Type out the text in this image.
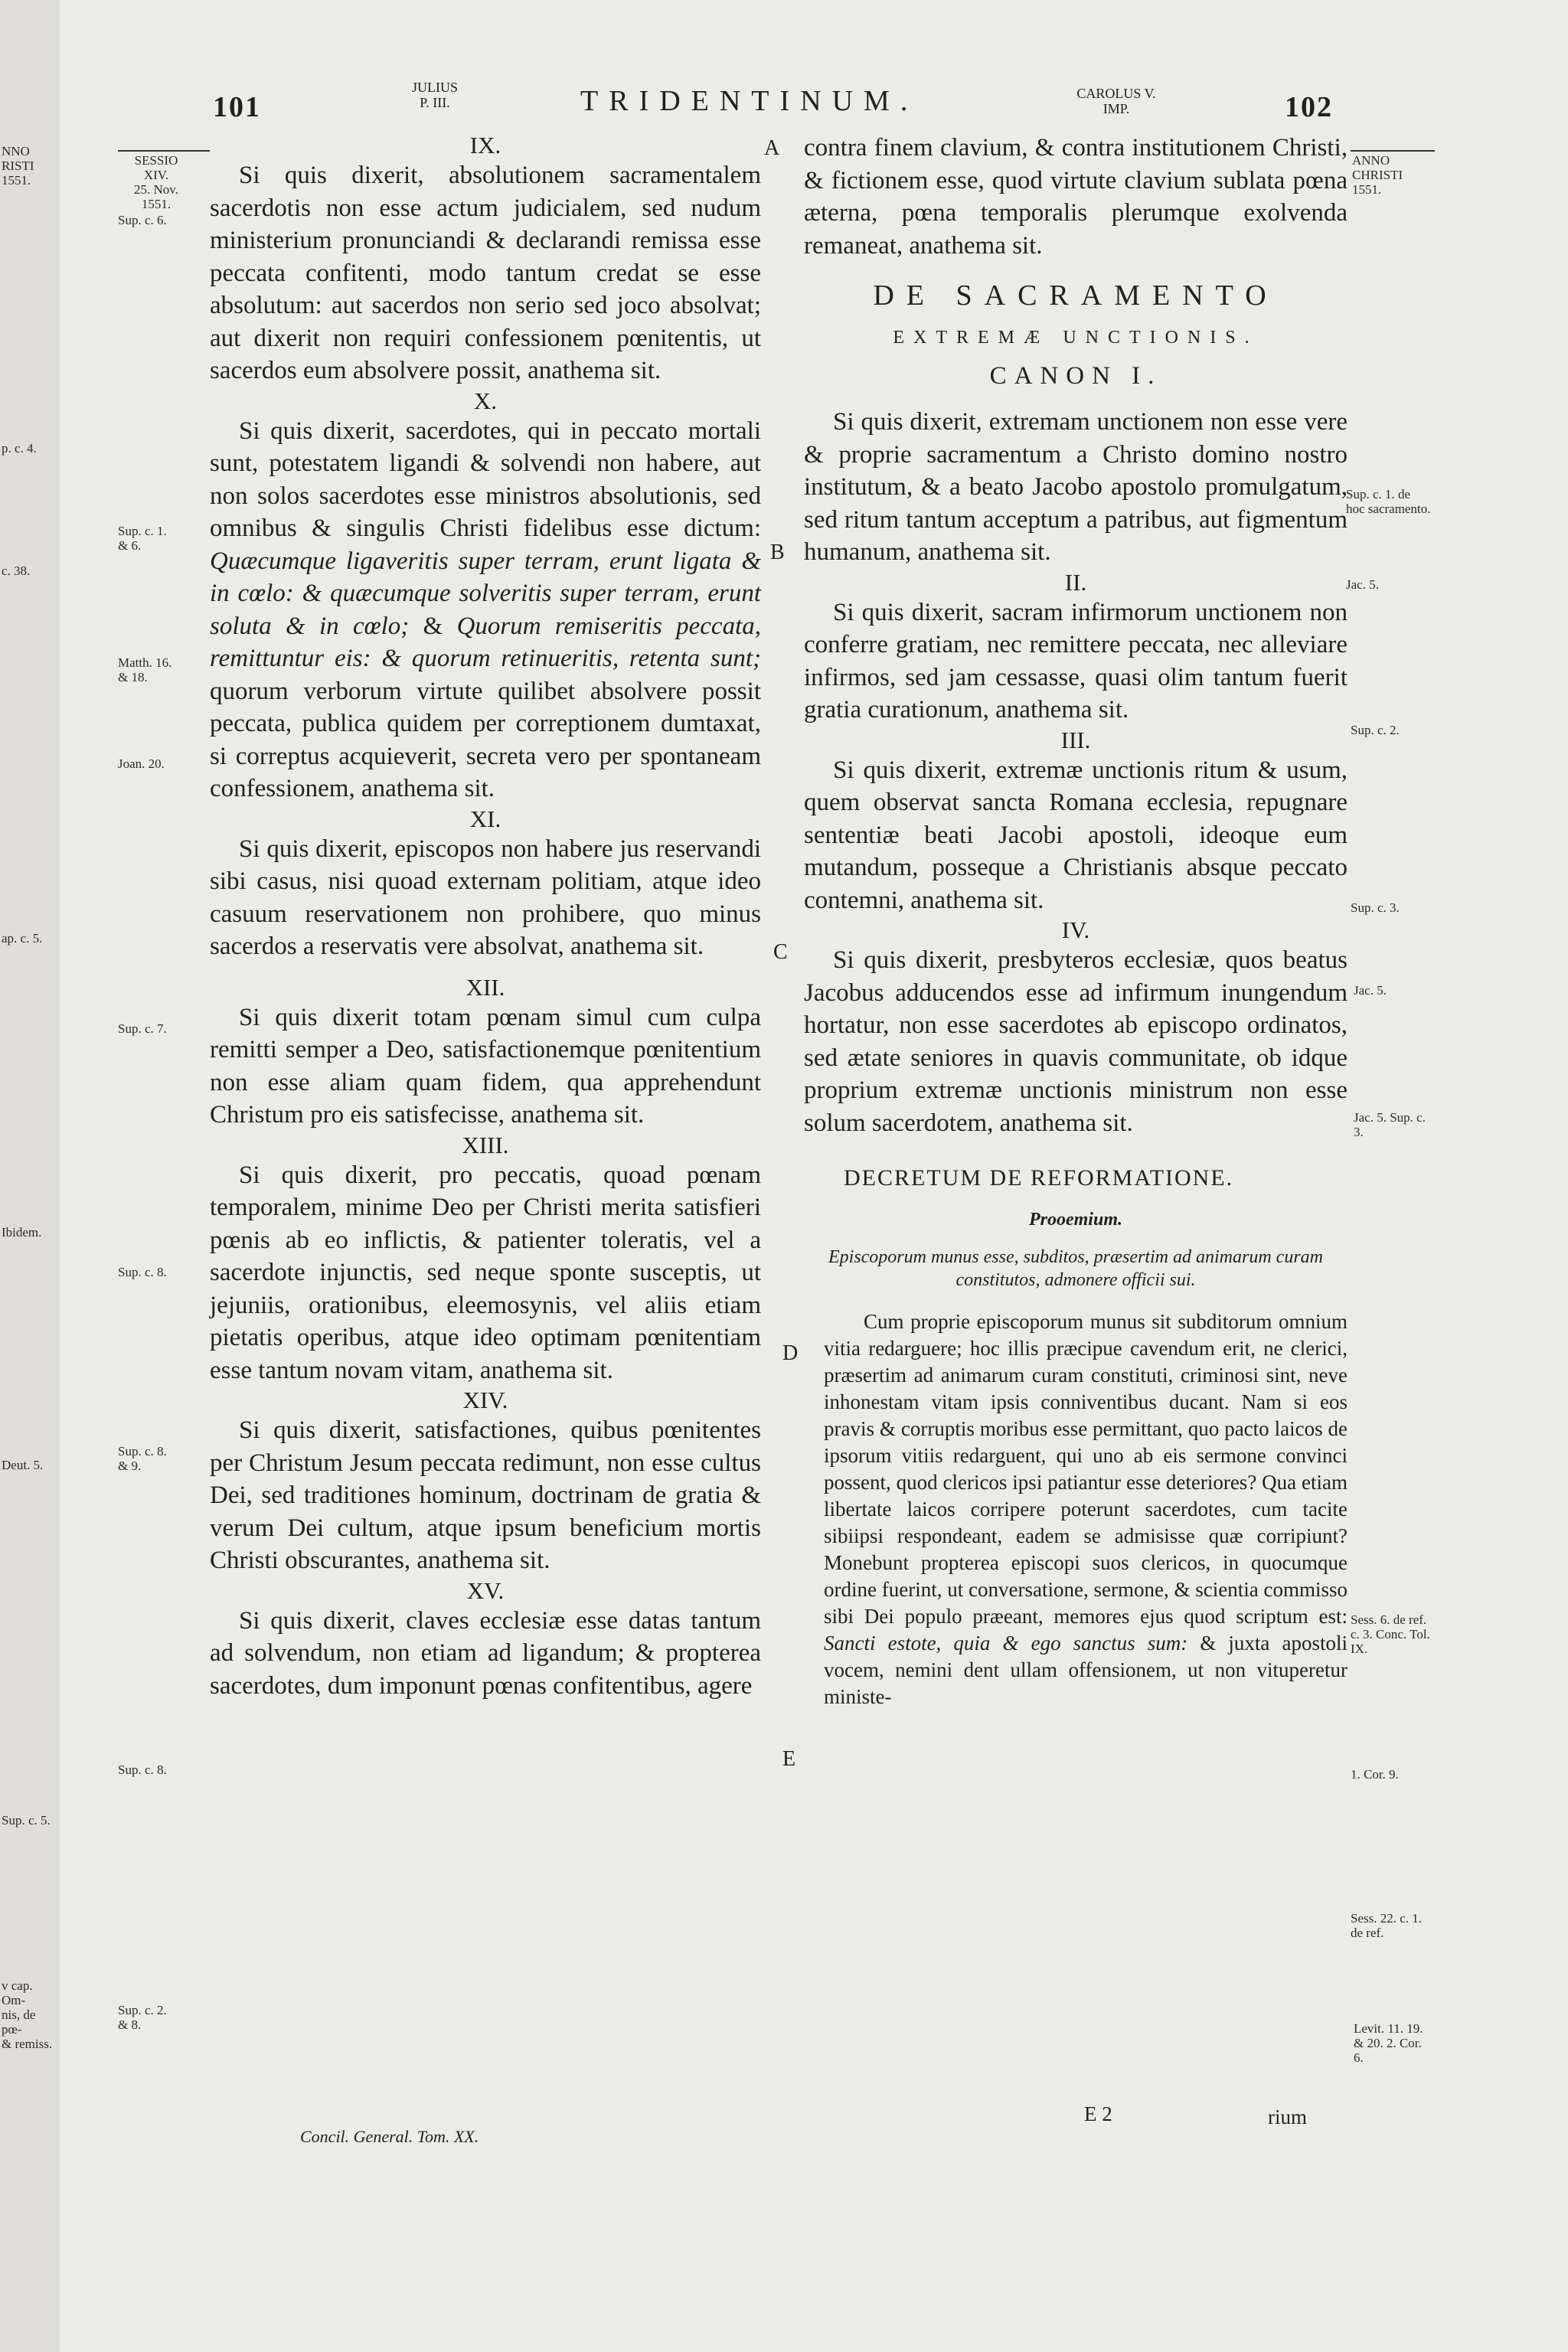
NNO RISTI 1551.
p. c. 4.
c. 38.
ap. c. 5.
Ibidem.
Deut. 5.
Sup. c. 5.
v cap. Om-
nis, de pœ-
& remiss.
101
JULIUS
P. III.	TRIDENTINUM.	CAROLUS V.
IMP.	102
SESSIO
XIV.
25. Nov.
1551.
ANNO
CHRISTI
1551.
A
B
C
D
E
Sup. c. 6.
Sup. c. 1. & 6.
Matth. 16. & 18.
Joan. 20.
Sup. c. 7.
Sup. c. 8.
Sup. c. 8. & 9.
Sup. c. 8.
Sup. c. 2. & 8.

IX.

Si quis dixerit, absolutionem sacramentalem sacerdotis non esse actum judicialem, sed nudum ministerium pronunciandi & declarandi remissa esse peccata confitenti, modo tantum credat se esse absolutum: aut sacerdos non serio sed joco absolvat; aut dixerit non requiri confessionem pœnitentis, ut sacerdos eum absolvere possit, anathema sit.

X.

Si quis dixerit, sacerdotes, qui in peccato mortali sunt, potestatem ligandi & solvendi non habere, aut non solos sacerdotes esse ministros absolutionis, sed omnibus & singulis Christi fidelibus esse dictum: Quæcumque ligaveritis super terram, erunt ligata & in cœlo: & quæcumque solveritis super terram, erunt soluta & in cœlo; & Quorum remiseritis peccata, remittuntur eis: & quorum retinueritis, retenta sunt; quorum verborum virtute quilibet absolvere possit peccata, publica quidem per correptionem dumtaxat, si correptus acquieverit, secreta vero per spontaneam confessionem, anathema sit.

XI.

Si quis dixerit, episcopos non habere jus reservandi sibi casus, nisi quoad externam politiam, atque ideo casuum reservationem non prohibere, quo minus sacerdos a reservatis vere absolvat, anathema sit.

XII.

Si quis dixerit totam pœnam simul cum culpa remitti semper a Deo, satisfactionemque pœnitentium non esse aliam quam fidem, qua apprehendunt Christum pro eis satisfecisse, anathema sit.

XIII.

Si quis dixerit, pro peccatis, quoad pœnam temporalem, minime Deo per Christi merita satisfieri pœnis ab eo inflictis, & patienter toleratis, vel a sacerdote injunctis, sed neque sponte susceptis, ut jejuniis, orationibus, eleemosynis, vel aliis etiam pietatis operibus, atque ideo optimam pœnitentiam esse tantum novam vitam, anathema sit.

XIV.

Si quis dixerit, satisfactiones, quibus pœnitentes per Christum Jesum peccata redimunt, non esse cultus Dei, sed traditiones hominum, doctrinam de gratia & verum Dei cultum, atque ipsum beneficium mortis Christi obscurantes, anathema sit.

XV.

Si quis dixerit, claves ecclesiæ esse datas tantum ad solvendum, non etiam ad ligandum; & propterea sacerdotes, dum imponunt pœnas confitentibus, agere

Concil. General. Tom. XX.

contra finem clavium, & contra institutionem Christi, & fictionem esse, quod virtute clavium sublata pœna æterna, pœna temporalis plerumque exolvenda remaneat, anathema sit.

DE SACRAMENTO

EXTREMÆ UNCTIONIS.

CANON I.

Si quis dixerit, extremam unctionem non esse vere & proprie sacramentum a Christo domino nostro institutum, & a beato Jacobo apostolo promulgatum, sed ritum tantum acceptum a patribus, aut figmentum humanum, anathema sit.

II.

Si quis dixerit, sacram infirmorum unctionem non conferre gratiam, nec remittere peccata, nec alleviare infirmos, sed jam cessasse, quasi olim tantum fuerit gratia curationum, anathema sit.

III.

Si quis dixerit, extremæ unctionis ritum & usum, quem observat sancta Romana ecclesia, repugnare sententiæ beati Jacobi apostoli, ideoque eum mutandum, posseque a Christianis absque peccato contemni, anathema sit.

IV.

Si quis dixerit, presbyteros ecclesiæ, quos beatus Jacobus adducendos esse ad infirmum inungendum hortatur, non esse sacerdotes ab episcopo ordinatos, sed ætate seniores in quavis communitate, ob idque proprium extremæ unctionis ministrum non esse solum sacerdotem, anathema sit.

DECRETUM DE REFORMATIONE.

Prooemium.

Episcoporum munus esse, subditos, præsertim ad animarum curam constitutos, admonere officii sui.

Cum proprie episcoporum munus sit subditorum omnium vitia redarguere; hoc illis præcipue cavendum erit, ne clerici, præsertim ad animarum curam constituti, criminosi sint, neve inhonestam vitam ipsis conniventibus ducant. Nam si eos pravis & corruptis moribus esse permittant, quo pacto laicos de ipsorum vitiis redarguent, qui uno ab eis sermone convinci possent, quod clericos ipsi patiantur esse deteriores? Qua etiam libertate laicos corripere poterunt sacerdotes, cum tacite sibiipsi respondeant, eadem se admisisse quæ corripiunt? Monebunt propterea episcopi suos clericos, in quocumque ordine fuerint, ut conversatione, sermone, & scientia commisso sibi Dei populo præeant, memores ejus quod scriptum est: Sancti estote, quia & ego sanctus sum: & juxta apostoli vocem, nemini dent ullam offensionem, ut non vituperetur ministe-

E 2	rium
Sup. c. 1. de hoc sacramento.
Jac. 5.
Sup. c. 2.
Sup. c. 3.
Jac. 5.
Jac. 5. Sup. c. 3.
Sess. 6. de ref. c. 3. Conc. Tol. IX.
1. Cor. 9.
Sess. 22. c. 1. de ref.
Levit. 11. 19. & 20. 2. Cor. 6.
